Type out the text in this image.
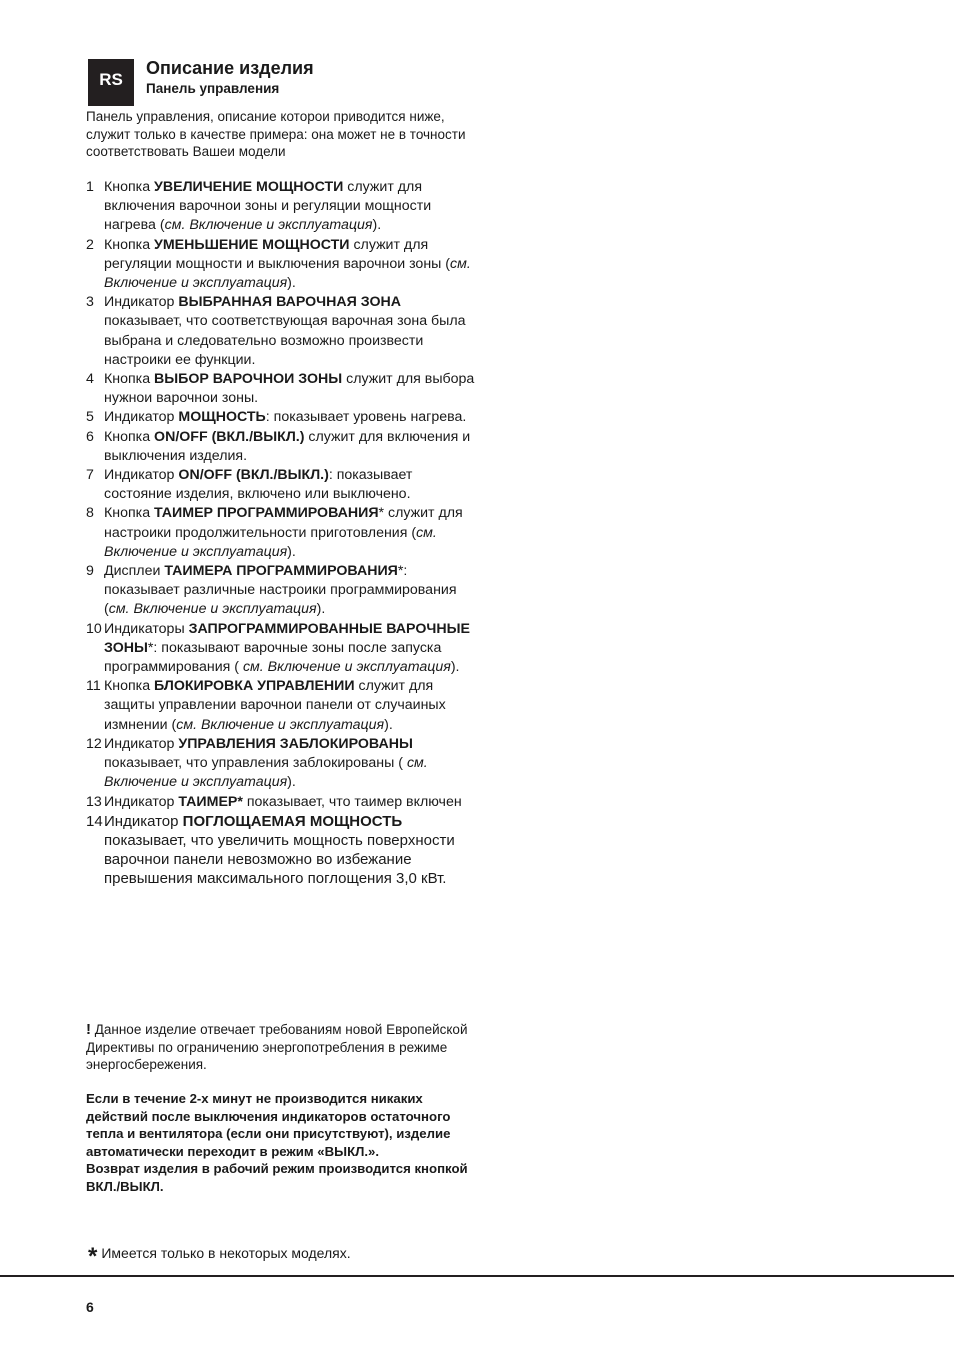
RS
Описание изделия
Панель управления
Панель управления, описание которои приводится ниже, служит только в качестве примера: она может не в точности соответствовать Вашеи модели
1 Кнопка УВЕЛИЧЕНИЕ МОЩНОСТИ служит для включения варочнои зоны и регуляции мощности нагрева (см. Включение и эксплуатация).
2 Кнопка УМЕНЬШЕНИЕ МОЩНОСТИ служит для регуляции мощности и выключения варочнои зоны (см. Включение и эксплуатация).
3 Индикатор ВЫБРАННАЯ ВАРОЧНАЯ ЗОНА показывает, что соответствующая варочная зона была выбрана и следовательно возможно произвести настроики ее функции.
4 Кнопка ВЫБОР ВАРОЧНОИ ЗОНЫ служит для выбора нужнои варочнои зоны.
5 Индикатор МОЩНОСТЬ: показывает уровень нагрева.
6 Кнопка ON/OFF (ВКЛ./ВЫКЛ.) служит для включения и выключения изделия.
7 Индикатор ON/OFF (ВКЛ./ВЫКЛ.): показывает состояние изделия, включено или выключено.
8 Кнопка ТАИМЕР ПРОГРАММИРОВАНИЯ* служит для настроики продолжительности приготовления (см. Включение и эксплуатация).
9 Дисплеи ТАИМЕРА ПРОГРАММИРОВАНИЯ*: показывает различные настроики программирования (см. Включение и эксплуатация).
10 Индикаторы ЗАПРОГРАММИРОВАННЫЕ ВАРОЧНЫЕ ЗОНЫ*: показывают варочные зоны после запуска программирования ( см. Включение и эксплуатация).
11 Кнопка БЛОКИРОВКА УПРАВЛЕНИИ служит для защиты управлении варочнои панели от случаиных измнении (см. Включение и эксплуатация).
12 Индикатор УПРАВЛЕНИЯ ЗАБЛОКИРОВАНЫ показывает, что управления заблокированы ( см. Включение и эксплуатация).
13 Индикатор ТАИМЕР* показывает, что таимер включен
14 Индикатор ПОГЛОЩАЕМАЯ МОЩНОСТЬ показывает, что увеличить мощность поверхности варочнои панели невозможно во избежание превышения максимального поглощения 3,0 кВт.
! Данное изделие отвечает требованиям новой Европейской Директивы по ограничению энергопотребления в режиме энергосбережения.
Если в течение 2-х минут не производится никаких действий после выключения индикаторов остаточного тепла и вентилятора (если они присутствуют), изделие автоматически переходит в режим «ВЫКЛ.».
Возврат изделия в рабочий режим производится кнопкой ВКЛ./ВЫКЛ.
* Имеется только в некоторых моделях.
6
